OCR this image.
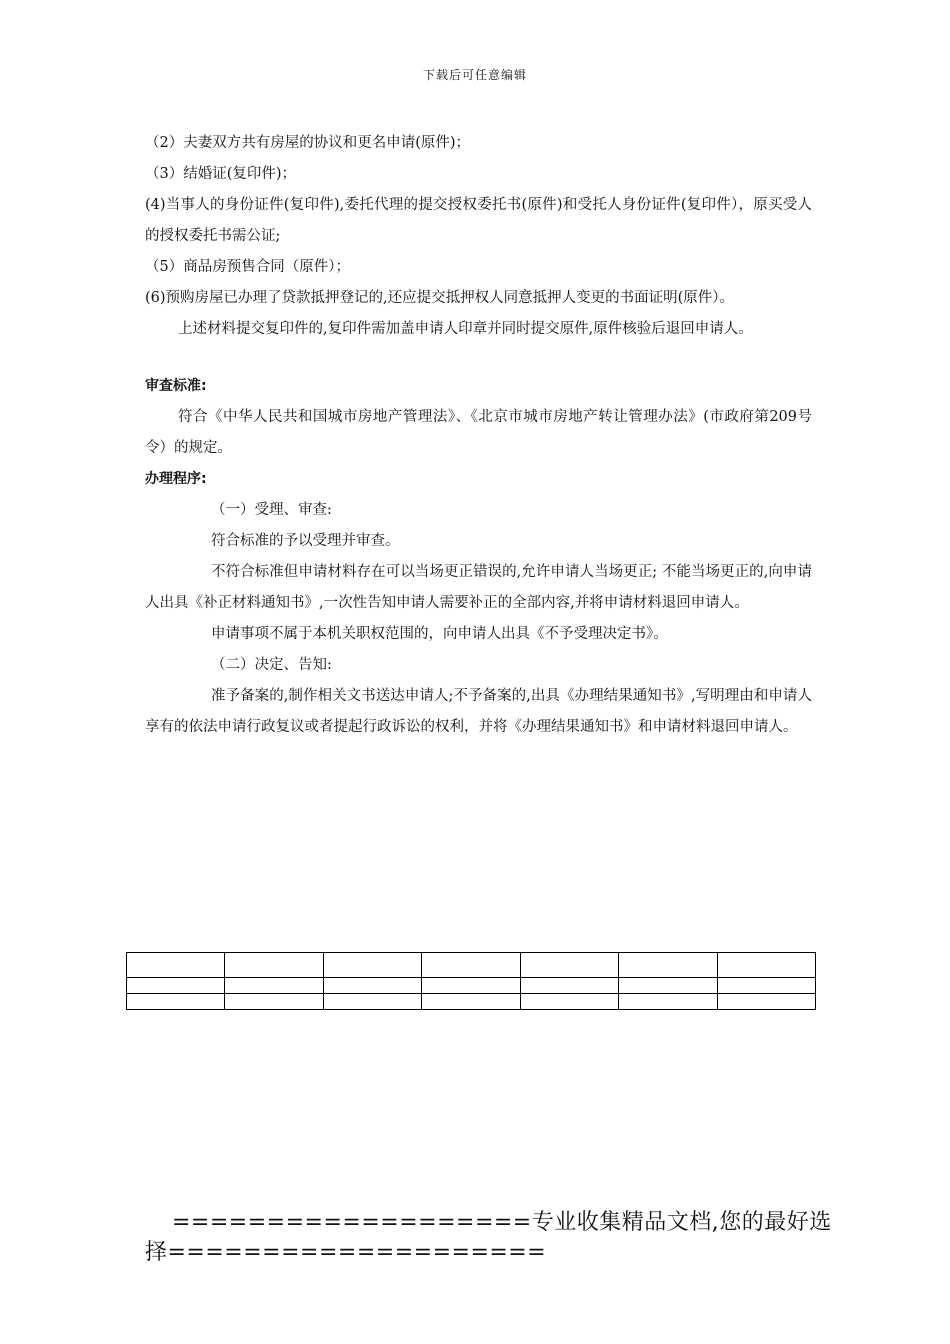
下载后可任意编辑
（2）夫妻双方共有房屋的协议和更名申请(原件)；
（3）结婚证(复印件)；
(4)当事人的身份证件(复印件),委托代理的提交授权委托书(原件)和受托人身份证件(复印件），原买受人的授权委托书需公证;
（5）商品房预售合同（原件）；
(6)预购房屋已办理了贷款抵押登记的,还应提交抵押权人同意抵押人变更的书面证明(原件）。
上述材料提交复印件的,复印件需加盖申请人印章并同时提交原件,原件核验后退回申请人。
审查标准:
符合《中华人民共和国城市房地产管理法》、《北京市城市房地产转让管理办法》(市政府第209号令）的规定。
办理程序:
（一）受理、审查:
符合标准的予以受理并审查。
不符合标准但申请材料存在可以当场更正错误的,允许申请人当场更正; 不能当场更正的,向申请人出具《补正材料通知书》,一次性告知申请人需要补正的全部内容,并将申请材料退回申请人。
申请事项不属于本机关职权范围的，向申请人出具《不予受理决定书》。
（二）决定、告知:
准予备案的,制作相关文书送达申请人;不予备案的,出具《办理结果通知书》,写明理由和申请人享有的依法申请行政复议或者提起行政诉讼的权利，并将《办理结果通知书》和申请材料退回申请人。

===================专业收集精品文档,您的最好选
择====================
